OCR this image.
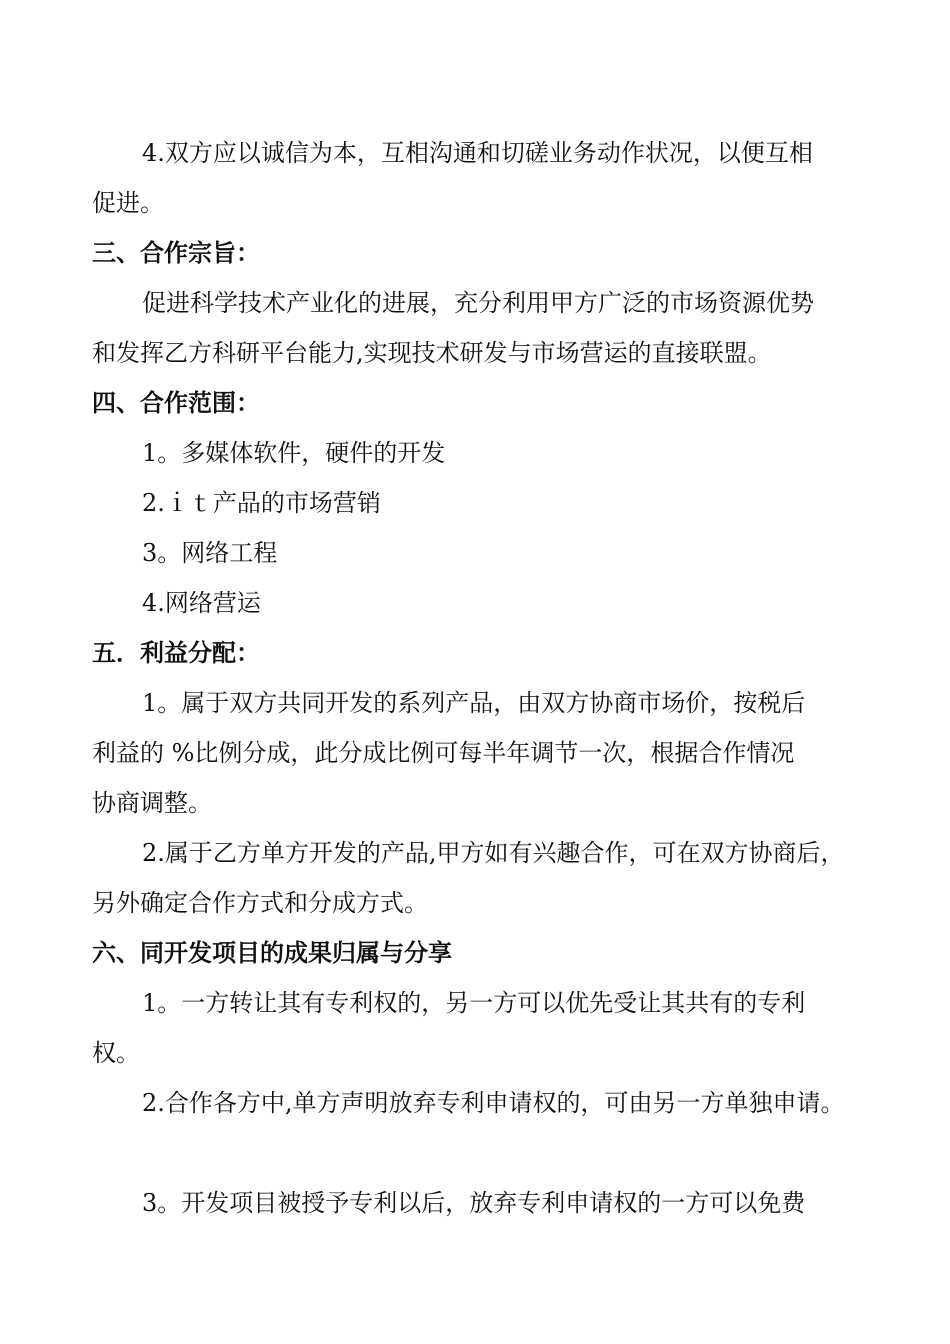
4.双方应以诚信为本，互相沟通和切磋业务动作状况，以便互相
促进。
三、合作宗旨：
促进科学技术产业化的进展，充分利用甲方广泛的市场资源优势
和发挥乙方科研平台能力,实现技术研发与市场营运的直接联盟。
四、合作范围：
1。多媒体软件，硬件的开发
2.ｉｔ产品的市场营销
3。网络工程
4.网络营运
五．利益分配：
1。属于双方共同开发的系列产品，由双方协商市场价，按税后
利益的 %比例分成，此分成比例可每半年调节一次，根据合作情况
协商调整。
2.属于乙方单方开发的产品,甲方如有兴趣合作，可在双方协商后，
另外确定合作方式和分成方式。
六、同开发项目的成果归属与分享
1。一方转让其有专利权的，另一方可以优先受让其共有的专利
权。
2.合作各方中,单方声明放弃专利申请权的，可由另一方单独申请。
3。开发项目被授予专利以后，放弃专利申请权的一方可以免费
